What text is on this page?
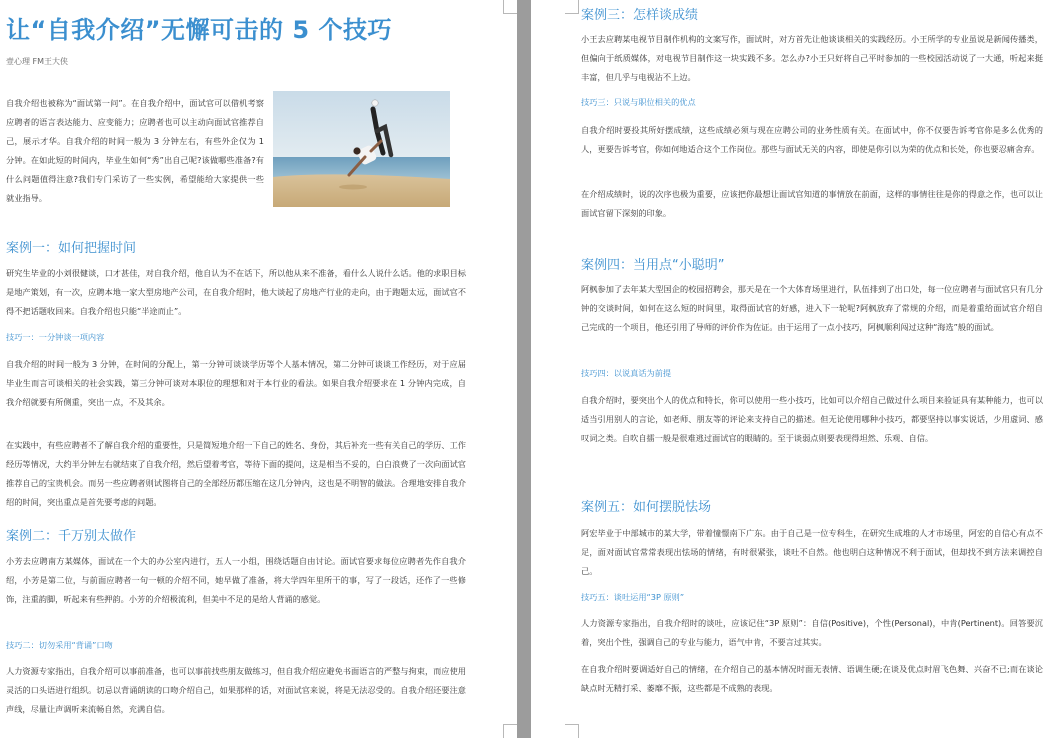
让“自我介绍”无懈可击的 5 个技巧
壹心理 FM王大侠
自我介绍也被称为“面试第一问”。在自我介绍中，面试官可以借机考察应聘者的语言表达能力、应变能力；应聘者也可以主动向面试官推荐自己，展示才华。自我介绍的时间一般为 3 分钟左右，有些外企仅为 1 分钟。在如此短的时间内，毕业生如何“秀”出自己呢?该做哪些准备?有什么问题值得注意?我们专门采访了一些实例，希望能给大家提供一些就业指导。
案例一：如何把握时间
研究生毕业的小刘很健谈，口才甚佳，对自我介绍，他自认为不在话下，所以他从来不准备，看什么人说什么话。他的求职目标是地产策划，有一次，应聘本地一家大型房地产公司，在自我介绍时，他大谈起了房地产行业的走向，由于跑题太远，面试官不得不把话题收回来。自我介绍也只能“半途而止”。
技巧一：一分钟谈一项内容
自我介绍的时间一般为 3 分钟，在时间的分配上，第一分钟可谈谈学历等个人基本情况，第二分钟可谈谈工作经历，对于应届毕业生而言可谈相关的社会实践，第三分钟可谈对本职位的理想和对于本行业的看法。如果自我介绍要求在 1 分钟内完成，自我介绍就要有所侧重，突出一点，不及其余。
在实践中，有些应聘者不了解自我介绍的重要性，只是简短地介绍一下自己的姓名、身份，其后补充一些有关自己的学历、工作经历等情况，大约半分钟左右就结束了自我介绍，然后望着考官，等待下面的提问，这是相当不妥的，白白浪费了一次向面试官推荐自己的宝贵机会。而另一些应聘者则试图将自己的全部经历都压缩在这几分钟内，这也是不明智的做法。合理地安排自我介绍的时间，突出重点是首先要考虑的问题。
案例二：千万别太做作
小芳去应聘南方某媒体，面试在一个大的办公室内进行，五人一小组，围绕话题自由讨论。面试官要求每位应聘者先作自我介绍，小芳是第二位，与前面应聘者一句一顿的介绍不同，她早做了准备，将大学四年里所干的事，写了一段话，还作了一些修饰，注重韵脚，听起来有些押韵。小芳的介绍极流利，但美中不足的是给人背诵的感觉。
技巧二：切勿采用“背诵”口吻
人力资源专家指出，自我介绍可以事前准备，也可以事前找些朋友做练习，但自我介绍应避免书面语言的严整与拘束，而应使用灵活的口头语进行组织。切忌以背诵朗读的口吻介绍自己，如果那样的话，对面试官来说，将是无法忍受的。自我介绍还要注意声线，尽量让声调听来流畅自然，充满自信。
案例三：怎样谈成绩
小王去应聘某电视节目制作机构的文案写作，面试时，对方首先让他谈谈相关的实践经历。小王所学的专业虽说是新闻传播类，但偏向于纸质媒体，对电视节目制作这一块实践不多。怎么办?小王只好将自己平时参加的一些校园活动说了一大通，听起来挺丰富，但几乎与电视沾不上边。
技巧三：只说与职位相关的优点
自我介绍时要投其所好摆成绩，这些成绩必须与现在应聘公司的业务性质有关。在面试中，你不仅要告诉考官你是多么优秀的人，更要告诉考官，你如何地适合这个工作岗位。那些与面试无关的内容，即使是你引以为荣的优点和长处，你也要忍痛舍弃。
在介绍成绩时，说的次序也极为重要，应该把你最想让面试官知道的事情放在前面，这样的事情往往是你的得意之作，也可以让面试官留下深刻的印象。
案例四：当用点“小聪明”
阿枫参加了去年某大型国企的校园招聘会，那天是在一个大体育场里进行，队伍排到了出口处，每一位应聘者与面试官只有几分钟的交谈时间，如何在这么短的时间里，取得面试官的好感，进入下一轮呢?阿枫放弃了常规的介绍，而是着重给面试官介绍自己完成的一个项目，他还引用了导师的评价作为佐证。由于运用了一点小技巧，阿枫顺利闯过这种“海选”般的面试。
技巧四：以说真话为前提
自我介绍时，要突出个人的优点和特长，你可以使用一些小技巧，比如可以介绍自己做过什么项目来验证具有某种能力，也可以适当引用别人的言论，如老师、朋友等的评论来支持自己的描述。但无论使用哪种小技巧，都要坚持以事实说话，少用虚词、感叹词之类。自吹自擂一般是很难逃过面试官的眼睛的。至于谈弱点则要表现得坦然、乐观、自信。
案例五：如何摆脱怯场
阿宏毕业于中部城市的某大学，带着憧憬南下广东。由于自己是一位专科生，在研究生成堆的人才市场里，阿宏的自信心有点不足，面对面试官常常表现出怯场的情绪，有时很紧张，谈吐不自然。他也明白这种情况不利于面试，但却找不到方法来调控自己。
技巧五：谈吐运用“3P 原则”
人力资源专家指出，自我介绍时的谈吐，应该记住“3P 原则”：自信(Positive)，个性(Personal)，中肯(Pertinent)。回答要沉着，突出个性，强调自己的专业与能力，语气中肯，不要言过其实。
在自我介绍时要调适好自己的情绪，在介绍自己的基本情况时面无表情、语调生硬;在谈及优点时眉飞色舞、兴奋不已;而在谈论缺点时无精打采、萎靡不振，这些都是不成熟的表现。
